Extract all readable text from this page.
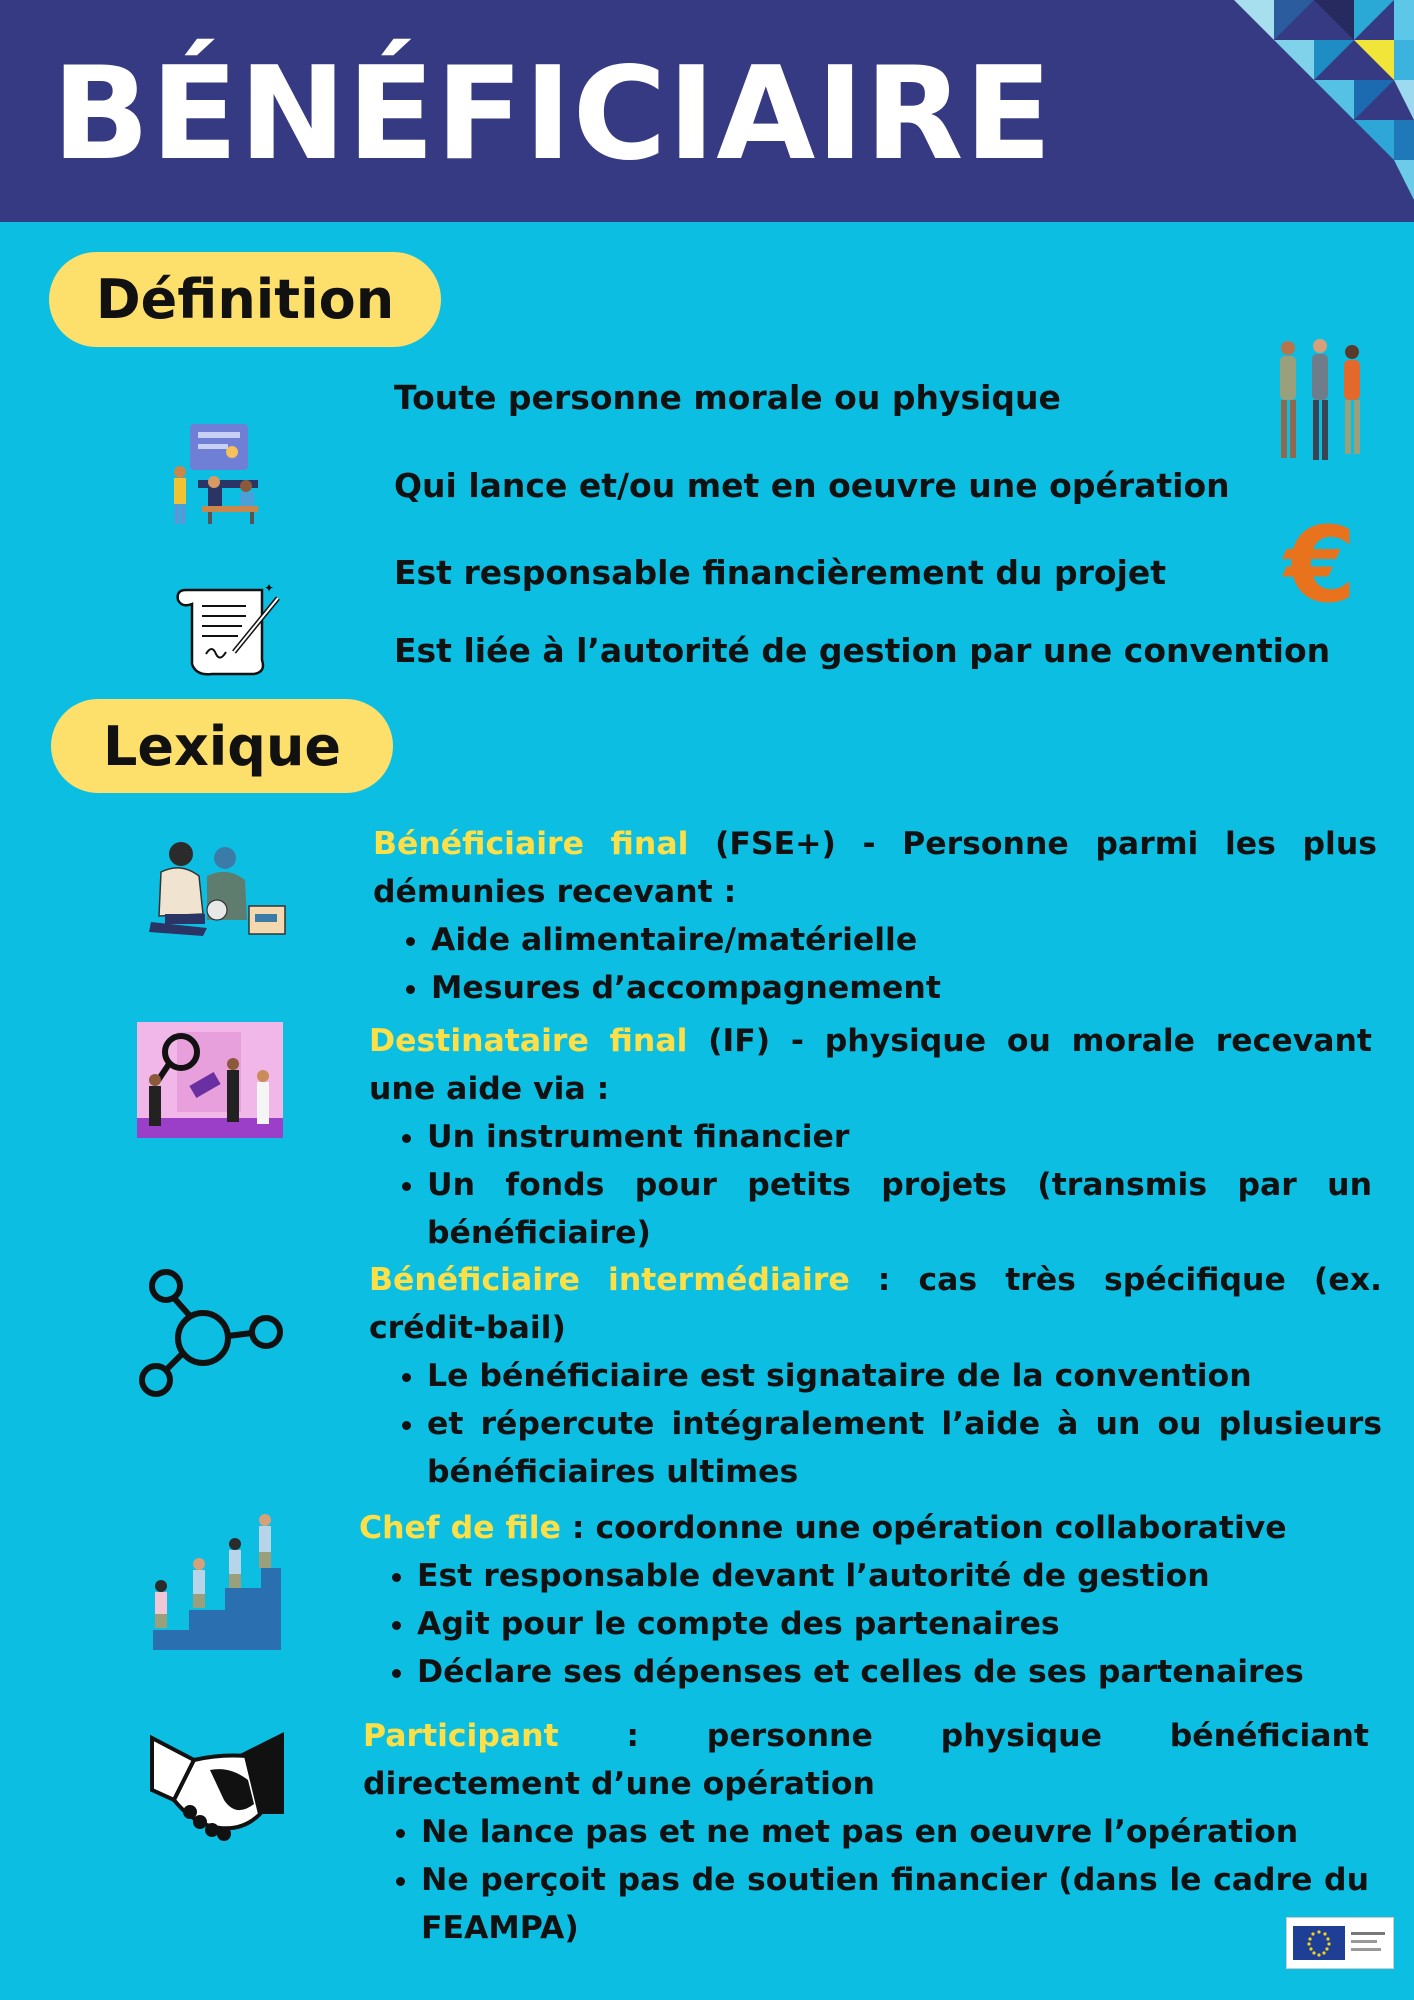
BÉNÉFICIAIRE
Définition
Toute personne morale ou physique
Qui lance et/ou met en oeuvre une opération
Est responsable financièrement du projet
Est liée à l’autorité de gestion par une convention
✦	€
Lexique

Bénéficiaire final (FSE+) - Personne parmi les plus démunies recevant :

• Aide alimentaire/matérielle
• Mesures d’accompagnement

Destinataire final (IF) - physique ou morale recevant une aide via :

• Un instrument financier
• Un fonds pour petits projets (transmis par un bénéficiaire)

Bénéficiaire intermédiaire : cas très spécifique (ex. crédit-bail)

• Le bénéficiaire est signataire de la convention
• et répercute intégralement l’aide à un ou plusieurs bénéficiaires ultimes

Chef de file : coordonne une opération collaborative

• Est responsable devant l’autorité de gestion
• Agit pour le compte des partenaires
• Déclare ses dépenses et celles de ses partenaires

Participant : personne physique bénéficiant directement d’une opération

• Ne lance pas et ne met pas en oeuvre l’opération
• Ne perçoit pas de soutien financier (dans le cadre du FEAMPA)
